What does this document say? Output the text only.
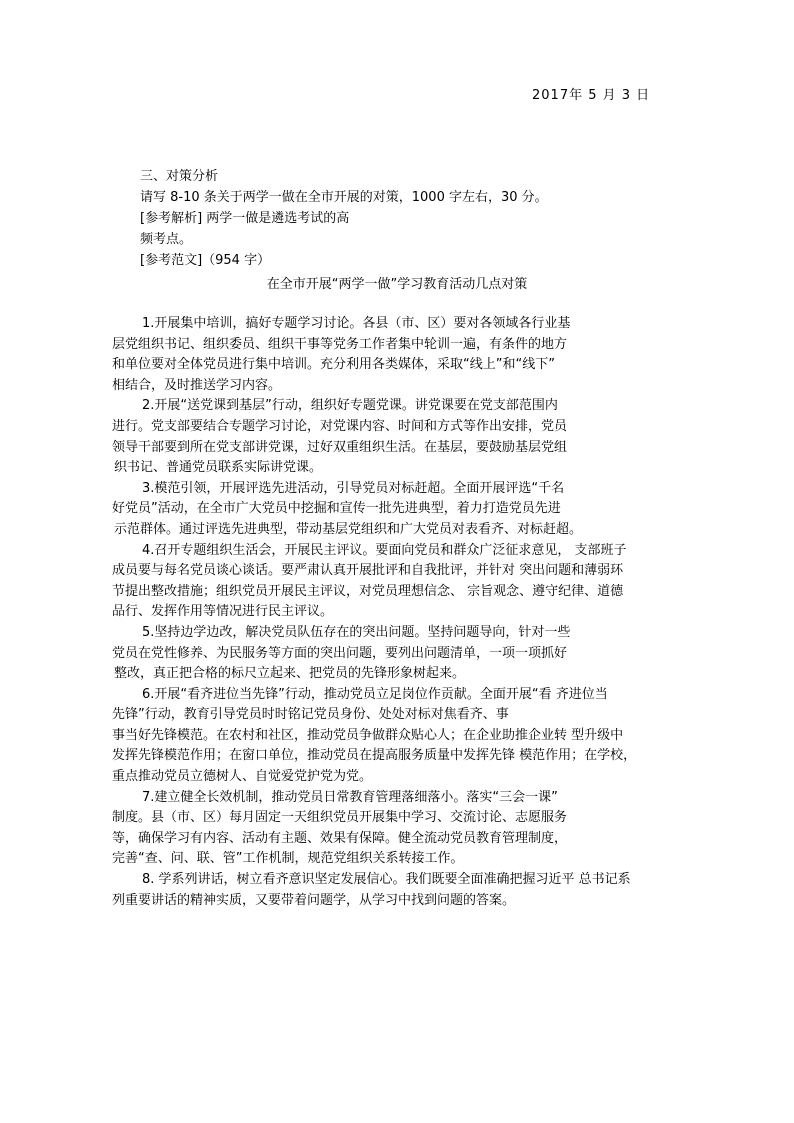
2017年 5 月 3 日
三、对策分析
请写 8-10 条关于两学一做在全市开展的对策，1000 字左右，30 分。
[参考解析] 两学一做是遴选考试的高
频考点。
[参考范文]（954 字）
在全市开展“两学一做”学习教育活动几点对策
1.开展集中培训，搞好专题学习讨论。各县（市、区）要对各领域各行业基
层党组织书记、组织委员、组织干事等党务工作者集中轮训一遍，有条件的地方
和单位要对全体党员进行集中培训。充分利用各类媒体，采取“线上”和“线下”
相结合，及时推送学习内容。
2.开展“送党课到基层”行动，组织好专题党课。讲党课要在党支部范围内
进行。党支部要结合专题学习讨论，对党课内容、时间和方式等作出安排，党员
领导干部要到所在党支部讲党课，过好双重组织生活。在基层，要鼓励基层党组
织书记、普通党员联系实际讲党课。
3.模范引领，开展评选先进活动，引导党员对标赶超。全面开展评选“千名
好党员”活动，在全市广大党员中挖掘和宣传一批先进典型，着力打造党员先进
示范群体。通过评选先进典型，带动基层党组织和广大党员对表看齐、对标赶超。
4.召开专题组织生活会，开展民主评议。要面向党员和群众广泛征求意见， 支部班子
成员要与每名党员谈心谈话。要严肃认真开展批评和自我批评，并针对 突出问题和薄弱环
节提出整改措施；组织党员开展民主评议，对党员理想信念、 宗旨观念、遵守纪律、道德
品行、发挥作用等情况进行民主评议。
5.坚持边学边改，解决党员队伍存在的突出问题。坚持问题导向，针对一些
党员在党性修养、为民服务等方面的突出问题，要列出问题清单，一项一项抓好
整改，真正把合格的标尺立起来、把党员的先锋形象树起来。
6.开展“看齐进位当先锋”行动，推动党员立足岗位作贡献。全面开展“看 齐进位当
先锋”行动，教育引导党员时时铭记党员身份、处处对标对焦看齐、事
事当好先锋模范。在农村和社区，推动党员争做群众贴心人；在企业助推企业转 型升级中
发挥先锋模范作用；在窗口单位，推动党员在提高服务质量中发挥先锋 模范作用；在学校，
重点推动党员立德树人、自觉爱党护党为党。
7.建立健全长效机制，推动党员日常教育管理落细落小。落实“三会一课”
制度。县（市、区）每月固定一天组织党员开展集中学习、交流讨论、志愿服务
等，确保学习有内容、活动有主题、效果有保障。健全流动党员教育管理制度，
完善“查、问、联、管”工作机制，规范党组织关系转接工作。
8. 学系列讲话，树立看齐意识坚定发展信心。我们既要全面准确把握习近平 总书记系
列重要讲话的精神实质，又要带着问题学，从学习中找到问题的答案。
